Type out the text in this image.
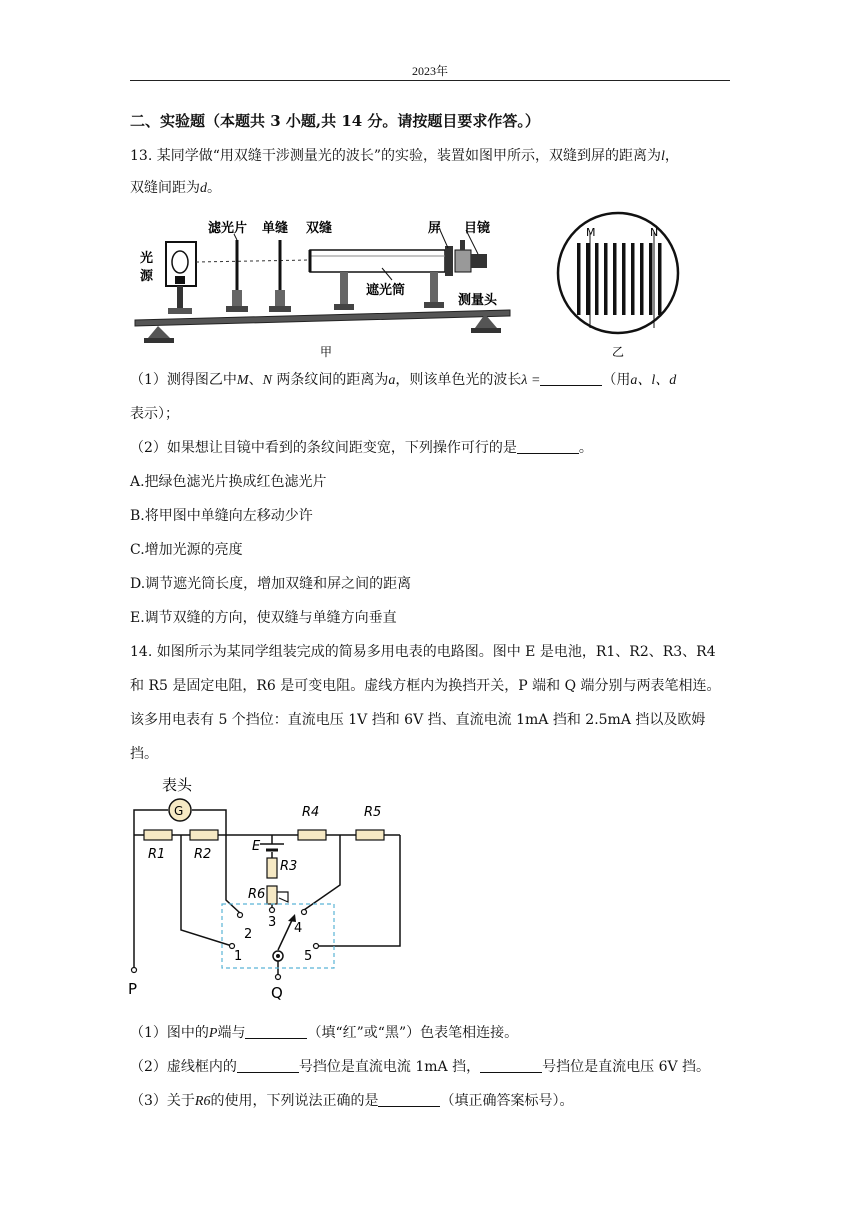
2023年
二、实验题（本题共 3 小题,共 14 分。请按题目要求作答。）
13. 某同学做“用双缝干涉测量光的波长”的实验，装置如图甲所示，双缝到屏的距离为l，
双缝间距为d。
光
源
滤光片 单缝 双缝	屏 目镜
遮光筒
测量头
甲
M	N
乙
（1）测得图乙中M、N 两条纹间的距离为a，则该单色光的波长λ =	（用a、l、d
表示）；
（2）如果想让目镜中看到的条纹间距变宽，下列操作可行的是	。
A.把绿色滤光片换成红色滤光片
B.将甲图中单缝向左移动少许
C.增加光源的亮度
D.调节遮光筒长度，增加双缝和屏之间的距离
E.调节双缝的方向，使双缝与单缝方向垂直
14. 如图所示为某同学组装完成的简易多用电表的电路图。图中 E 是电池，R1、R2、R3、R4
和 R5 是固定电阻，R6 是可变电阻。虚线方框内为换挡开关，P 端和 Q 端分别与两表笔相连。
该多用电表有 5 个挡位：直流电压 1V 挡和 6V 挡、直流电流 1mA 挡和 2.5mA 挡以及欧姆
挡。
表头
G
E
R1 R2
R3
R4	R5
R6
1
2
3 4
5
P	Q
（1）图中的P端与	（填“红”或“黑”）色表笔相连接。
（2）虚线框内的	号挡位是直流电流 1mA 挡，	号挡位是直流电压 6V 挡。
（3）关于R6的使用，下列说法正确的是	（填正确答案标号）。
